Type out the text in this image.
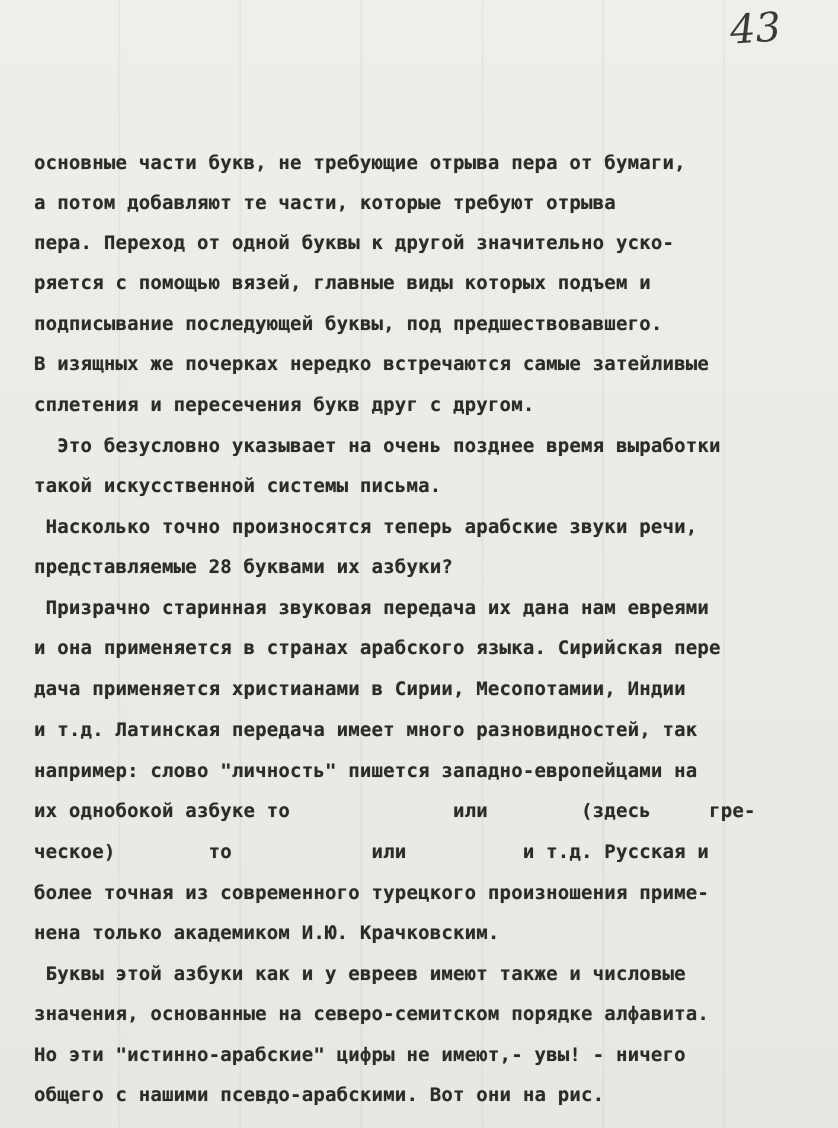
43
основные части букв, не требующие отрыва пера от бумаги,
а потом добавляют те части, которые требуют отрыва
пера. Переход от одной буквы к другой значительно уско-
ряется с помощью вязей, главные виды которых подъем и
подписывание последующей буквы, под предшествовавшего.
В изящных же почерках нередко встречаются самые затейливые
сплетения и пересечения букв друг с другом.
Это безусловно указывает на очень позднее время выработки
такой искусственной системы письма.
Насколько точно произносятся теперь арабские звуки речи,
представляемые 28 буквами их азбуки?
Призрачно старинная звуковая передача их дана нам евреями
и она применяется в странах арабского языка. Сирийская пере
дача применяется христианами в Сирии, Месопотамии, Индии
и т.д. Латинская передача имеет много разновидностей, так
например: слово "личность" пишется западно-европейцами на
их однобокой азбуке то              или        (здесь     гре-
ческое)        то            или          и т.д. Русская и
более точная из современного турецкого произношения приме-
нена только академиком И.Ю. Крачковским.
Буквы этой азбуки как и у евреев имеют также и числовые
значения, основанные на северо-семитском порядке алфавита.
Но эти "истинно-арабские" цифры не имеют,- увы! - ничего
общего с нашими псевдо-арабскими. Вот они на рис.
